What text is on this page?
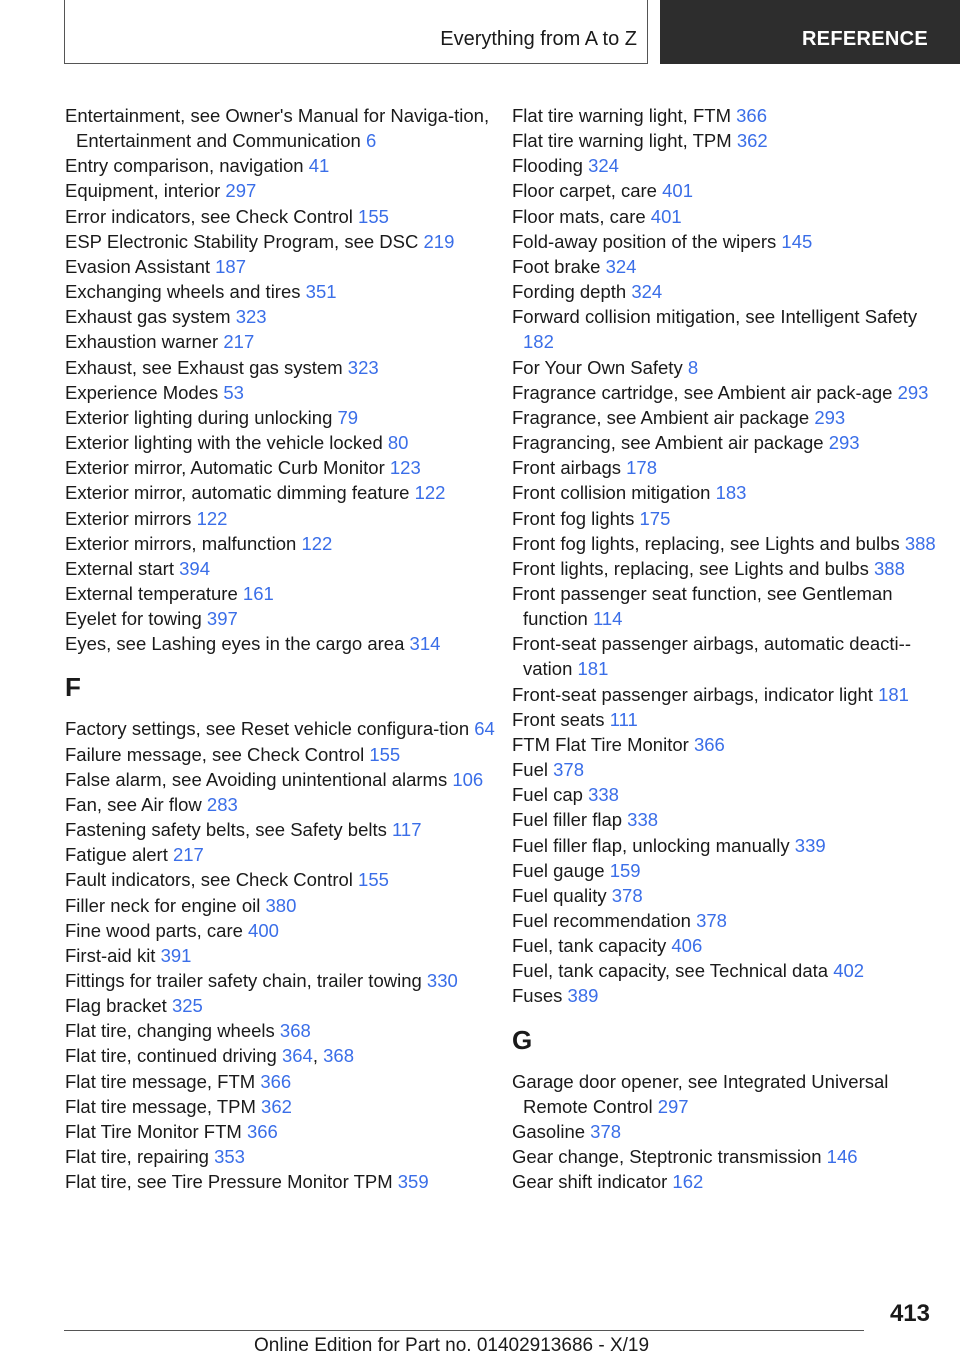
Everything from A to Z	REFERENCE

Entertainment, see Owner's Manual for Naviga-tion, Entertainment and Communication 6

Entry comparison, navigation 41

Equipment, interior 297

Error indicators, see Check Control 155

ESP Electronic Stability Program, see DSC 219

Evasion Assistant 187

Exchanging wheels and tires 351

Exhaust gas system 323

Exhaustion warner 217

Exhaust, see Exhaust gas system 323

Experience Modes 53

Exterior lighting during unlocking 79

Exterior lighting with the vehicle locked 80

Exterior mirror, Automatic Curb Monitor 123

Exterior mirror, automatic dimming feature 122

Exterior mirrors 122

Exterior mirrors, malfunction 122

External start 394

External temperature 161

Eyelet for towing 397

Eyes, see Lashing eyes in the cargo area 314

F

Factory settings, see Reset vehicle configura-tion 64

Failure message, see Check Control 155

False alarm, see Avoiding unintentional alarms 106

Fan, see Air flow 283

Fastening safety belts, see Safety belts 117

Fatigue alert 217

Fault indicators, see Check Control 155

Filler neck for engine oil 380

Fine wood parts, care 400

First-aid kit 391

Fittings for trailer safety chain, trailer towing 330

Flag bracket 325

Flat tire, changing wheels 368

Flat tire, continued driving 364, 368

Flat tire message, FTM 366

Flat tire message, TPM 362

Flat Tire Monitor FTM 366

Flat tire, repairing 353

Flat tire, see Tire Pressure Monitor TPM 359

Flat tire warning light, FTM 366

Flat tire warning light, TPM 362

Flooding 324

Floor carpet, care 401

Floor mats, care 401

Fold-away position of the wipers 145

Foot brake 324

Fording depth 324

Forward collision mitigation, see Intelligent Safety 182

For Your Own Safety 8

Fragrance cartridge, see Ambient air pack-age 293

Fragrance, see Ambient air package 293

Fragrancing, see Ambient air package 293

Front airbags 178

Front collision mitigation 183

Front fog lights 175

Front fog lights, replacing, see Lights and bulbs 388

Front lights, replacing, see Lights and bulbs 388

Front passenger seat function, see Gentleman function 114

Front-seat passenger airbags, automatic deacti-vation 181

Front-seat passenger airbags, indicator light 181

Front seats 111

FTM Flat Tire Monitor 366

Fuel 378

Fuel cap 338

Fuel filler flap 338

Fuel filler flap, unlocking manually 339

Fuel gauge 159

Fuel quality 378

Fuel recommendation 378

Fuel, tank capacity 406

Fuel, tank capacity, see Technical data 402

Fuses 389

G

Garage door opener, see Integrated Universal Remote Control 297

Gasoline 378

Gear change, Steptronic transmission 146

Gear shift indicator 162

413
Online Edition for Part no. 01402913686 - X/19
